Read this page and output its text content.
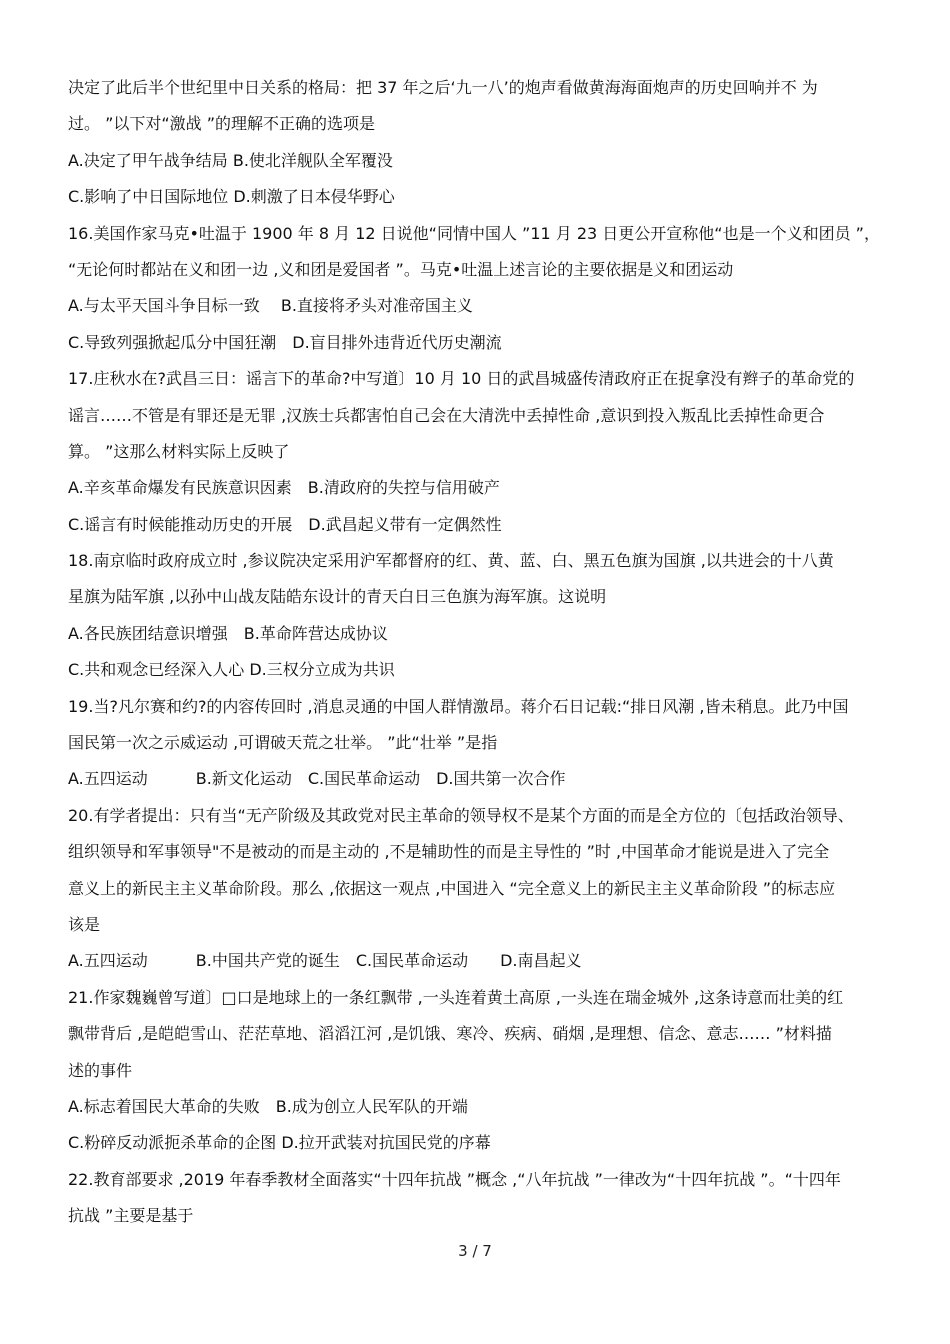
决定了此后半个世纪里中日关系的格局：把 37 年之后‘九一八’的炮声看做黄海海面炮声的历史回响并不 为
过。 ”以下对“激战 ”的理解不正确的选项是
A.决定了甲午战争结局 B.使北洋舰队全军覆没
C.影响了中日国际地位 D.刺激了日本侵华野心
16.美国作家马克•吐温于 1900 年 8 月 12 日说他“同情中国人 ”11 月 23 日更公开宣称他“也是一个义和团员 ”，
“无论何时都站在义和团一边 ,义和团是爱国者 ”。马克•吐温上述言论的主要依据是义和团运动
A.与太平天国斗争目标一致　 B.直接将矛头对准帝国主义
C.导致列强掀起瓜分中国狂潮　D.盲目排外违背近代历史潮流
17.庄秋水在?武昌三日：谣言下的革命?中写道〕10 月 10 日的武昌城盛传清政府正在捉拿没有辫子的革命党的
谣言……不管是有罪还是无罪 ,汉族士兵都害怕自己会在大清洗中丢掉性命 ,意识到投入叛乱比丢掉性命更合
算。 ”这那么材料实际上反映了
A.辛亥革命爆发有民族意识因素　B.清政府的失控与信用破产
C.谣言有时候能推动历史的开展　D.武昌起义带有一定偶然性
18.南京临时政府成立时 ,参议院决定采用沪军都督府的红、黄、蓝、白、黑五色旗为国旗 ,以共进会的十八黄
星旗为陆军旗 ,以孙中山战友陆皓东设计的青天白日三色旗为海军旗。这说明
A.各民族团结意识增强　B.革命阵营达成协议
C.共和观念已经深入人心 D.三权分立成为共识
19.当?凡尔赛和约?的内容传回时 ,消息灵通的中国人群情激昂。蒋介石日记载:“排日风潮 ,皆未稍息。此乃中国
国民第一次之示威运动 ,可谓破天荒之壮举。 ”此“壮举 ”是指
A.五四运动　　　B.新文化运动　C.国民革命运动　D.国共第一次合作
20.有学者提出：只有当“无产阶级及其政党对民主革命的领导权不是某个方面的而是全方位的〔包括政治领导、
组织领导和军事领导"不是被动的而是主动的 ,不是辅助性的而是主导性的 ”时 ,中国革命才能说是进入了完全
意义上的新民主主义革命阶段。那么 ,依据这一观点 ,中国进入 “完全意义上的新民主主义革命阶段 ”的标志应
该是
A.五四运动　　　B.中国共产党的诞生　C.国民革命运动　　D.南昌起义
21.作家魏巍曾写道〕□口是地球上的一条红飘带 ,一头连着黄土高原 ,一头连在瑞金城外 ,这条诗意而壮美的红
飘带背后 ,是皑皑雪山、茫茫草地、滔滔江河 ,是饥饿、寒冷、疾病、硝烟 ,是理想、信念、意志…… ”材料描
述的事件
A.标志着国民大革命的失败　B.成为创立人民军队的开端
C.粉碎反动派扼杀革命的企图 D.拉开武装对抗国民党的序幕
22.教育部要求 ,2019 年春季教材全面落实“十四年抗战 ”概念 ,“八年抗战 ”一律改为“十四年抗战 ”。“十四年
抗战 ”主要是基于
3 / 7
